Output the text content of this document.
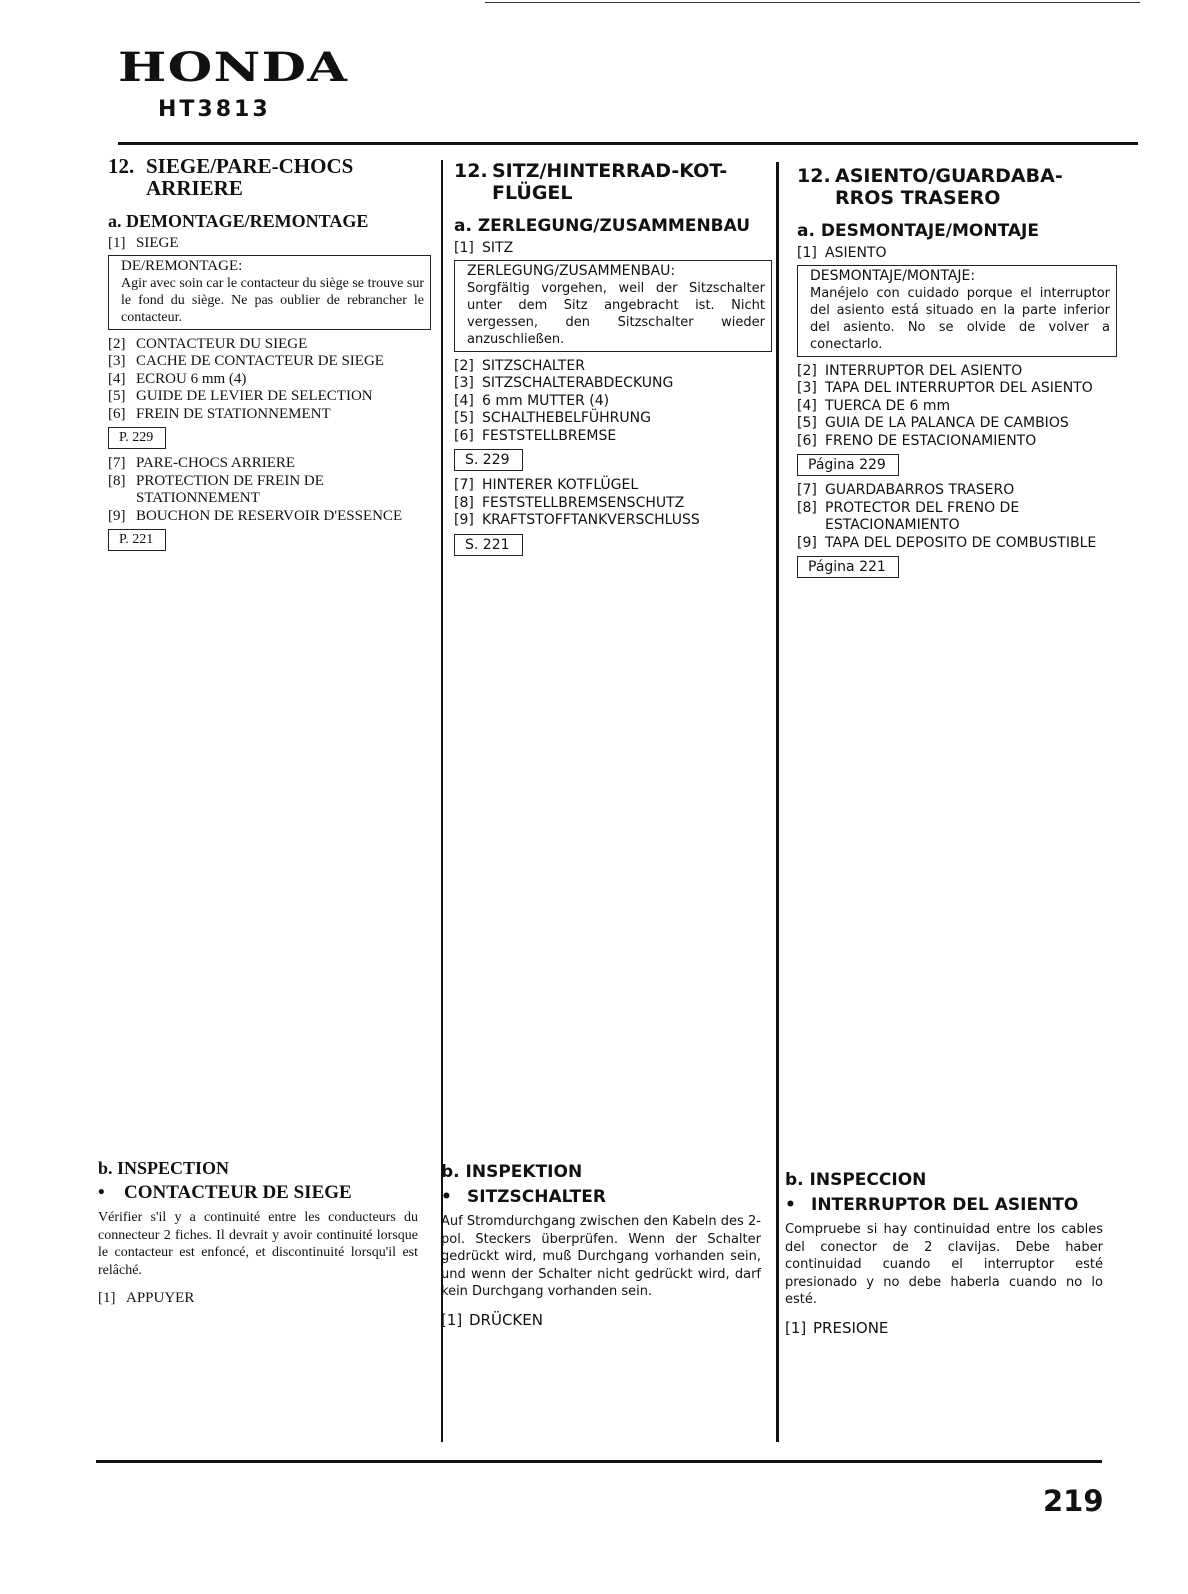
HONDA
HT3813
12. SIEGE/PARE-CHOCS
ARRIERE
a. DEMONTAGE/REMONTAGE
[1] SIEGE
DE/REMONTAGE:
Agir avec soin car le contacteur du siège se trouve sur le fond du siège. Ne pas oublier de rebrancher le contacteur.
[2] CONTACTEUR DU SIEGE
[3] CACHE DE CONTACTEUR DE SIEGE
[4] ECROU 6 mm (4)
[5] GUIDE DE LEVIER DE SELECTION
[6] FREIN DE STATIONNEMENT
P. 229
[7] PARE-CHOCS ARRIERE
[8] PROTECTION DE FREIN DE STATIONNEMENT
[9] BOUCHON DE RESERVOIR D'ESSENCE
P. 221
b. INSPECTION
• CONTACTEUR DE SIEGE
Vérifier s'il y a continuité entre les conducteurs du connecteur 2 fiches. Il devrait y avoir continuité lorsque le contacteur est enfoncé, et discontinuité lorsqu'il est relâché.
[1] APPUYER
12. SITZ/HINTERRAD-KOT-
FLÜGEL
a. ZERLEGUNG/ZUSAMMENBAU
[1] SITZ
ZERLEGUNG/ZUSAMMENBAU:
Sorgfältig vorgehen, weil der Sitzschalter unter dem Sitz angebracht ist. Nicht vergessen, den Sitzschalter wieder anzuschließen.
[2] SITZSCHALTER
[3] SITZSCHALTERABDECKUNG
[4] 6 mm MUTTER (4)
[5] SCHALTHEBELFÜHRUNG
[6] FESTSTELLBREMSE
S. 229
[7] HINTERER KOTFLÜGEL
[8] FESTSTELLBREMSENSCHUTZ
[9] KRAFTSTOFFTANKVERSCHLUSS
S. 221
b. INSPEKTION
• SITZSCHALTER
Auf Stromdurchgang zwischen den Kabeln des 2-pol. Steckers überprüfen. Wenn der Schalter gedrückt wird, muß Durchgang vorhanden sein, und wenn der Schalter nicht gedrückt wird, darf kein Durchgang vorhanden sein.
[1] DRÜCKEN
12. ASIENTO/GUARDABA-
RROS TRASERO
a. DESMONTAJE/MONTAJE
[1] ASIENTO
DESMONTAJE/MONTAJE:
Manéjelo con cuidado porque el interruptor del asiento está situado en la parte inferior del asiento. No se olvide de volver a conectarlo.
[2] INTERRUPTOR DEL ASIENTO
[3] TAPA DEL INTERRUPTOR DEL ASIENTO
[4] TUERCA DE 6 mm
[5] GUIA DE LA PALANCA DE CAMBIOS
[6] FRENO DE ESTACIONAMIENTO
Página 229
[7] GUARDABARROS TRASERO
[8] PROTECTOR DEL FRENO DE ESTACIONAMIENTO
[9] TAPA DEL DEPOSITO DE COMBUSTIBLE
Página 221
b. INSPECCION
• INTERRUPTOR DEL ASIENTO
Compruebe si hay continuidad entre los cables del conector de 2 clavijas. Debe haber continuidad cuando el interruptor esté presionado y no debe haberla cuando no lo esté.
[1] PRESIONE
219
